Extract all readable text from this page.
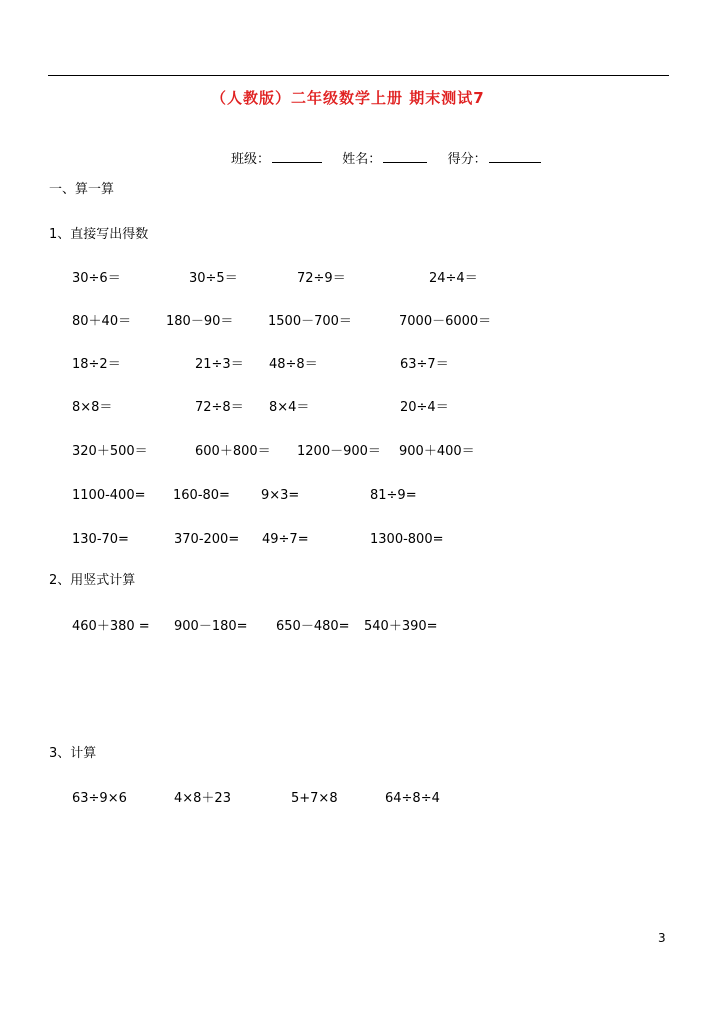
（人教版）二年级数学上册 期末测试7
班级：	姓名：	得分：
一、算一算
1、直接写出得数
30÷6＝	30÷5＝	72÷9＝	24÷4＝
80＋40＝	180－90＝	1500－700＝	7000－6000＝
18÷2＝	21÷3＝ 48÷8＝	63÷7＝
8×8＝	72÷8＝ 8×4＝	20÷4＝
320＋500＝	600＋800＝ 1200－900＝ 900＋400＝
1100-400= 160-80= 9×3=	81÷9=
130-70=	370-200= 49÷7=	1300-800=
2、用竖式计算
460＋380 = 900－180= 650－480= 540＋390=
3、计算
63÷9×6	4×8＋23	5+7×8	64÷8÷4
3
